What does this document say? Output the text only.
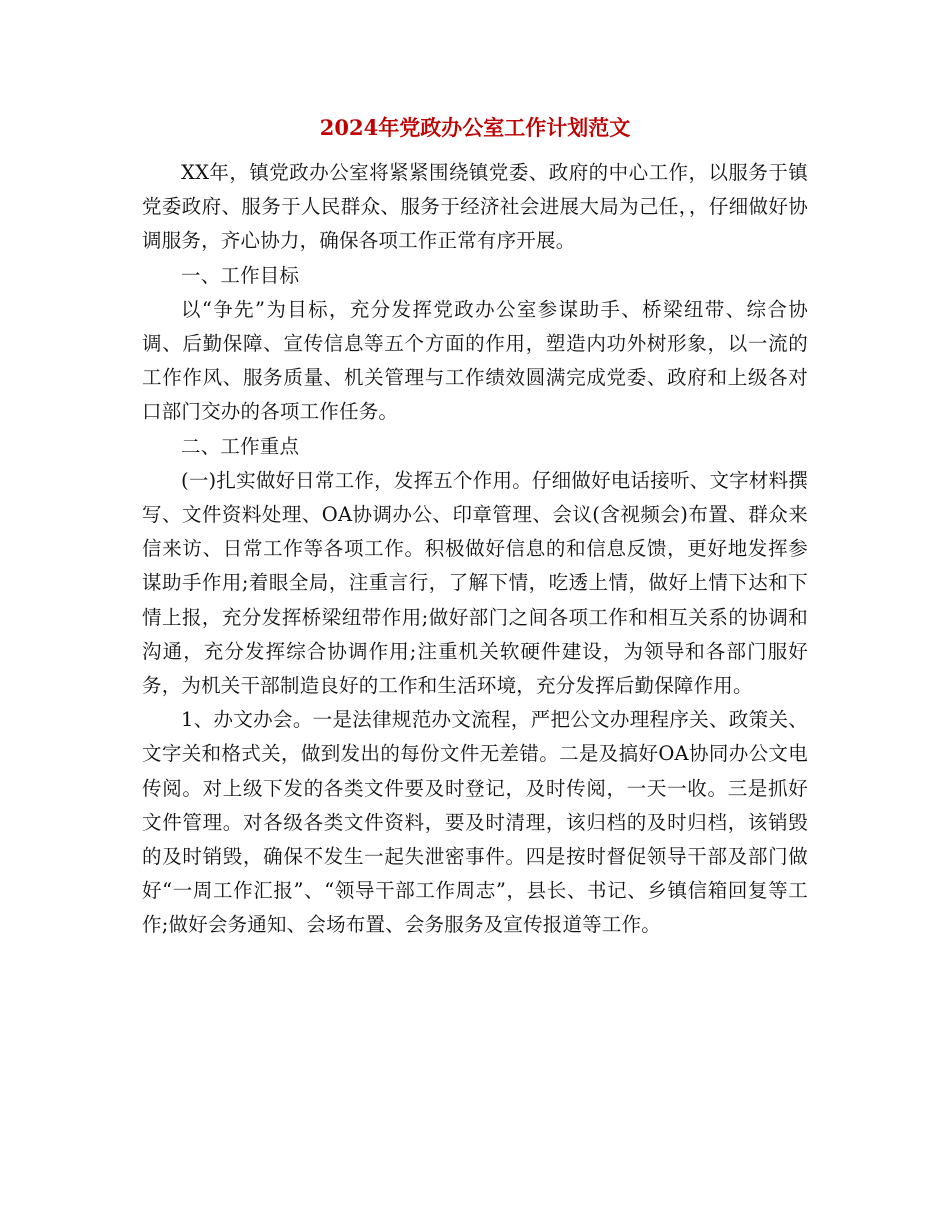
2024年党政办公室工作计划范文

XX年，镇党政办公室将紧紧围绕镇党委、政府的中心工作，以服务于镇党委政府、服务于人民群众、服务于经济社会进展大局为己任，，仔细做好协调服务，齐心协力，确保各项工作正常有序开展。

一、工作目标

以“争先”为目标，充分发挥党政办公室参谋助手、桥梁纽带、综合协调、后勤保障、宣传信息等五个方面的作用，塑造内功外树形象，以一流的工作作风、服务质量、机关管理与工作绩效圆满完成党委、政府和上级各对口部门交办的各项工作任务。

二、工作重点

(一)扎实做好日常工作，发挥五个作用。仔细做好电话接听、文字材料撰写、文件资料处理、OA协调办公、印章管理、会议(含视频会)布置、群众来信来访、日常工作等各项工作。积极做好信息的和信息反馈，更好地发挥参谋助手作用;着眼全局，注重言行，了解下情，吃透上情，做好上情下达和下情上报，充分发挥桥梁纽带作用;做好部门之间各项工作和相互关系的协调和沟通，充分发挥综合协调作用;注重机关软硬件建设，为领导和各部门服好务，为机关干部制造良好的工作和生活环境，充分发挥后勤保障作用。

1、办文办会。一是法律规范办文流程，严把公文办理程序关、政策关、文字关和格式关，做到发出的每份文件无差错。二是及搞好OA协同办公文电传阅。对上级下发的各类文件要及时登记，及时传阅，一天一收。三是抓好文件管理。对各级各类文件资料，要及时清理，该归档的及时归档，该销毁的及时销毁，确保不发生一起失泄密事件。四是按时督促领导干部及部门做好“一周工作汇报”、“领导干部工作周志”，县长、书记、乡镇信箱回复等工作;做好会务通知、会场布置、会务服务及宣传报道等工作。
